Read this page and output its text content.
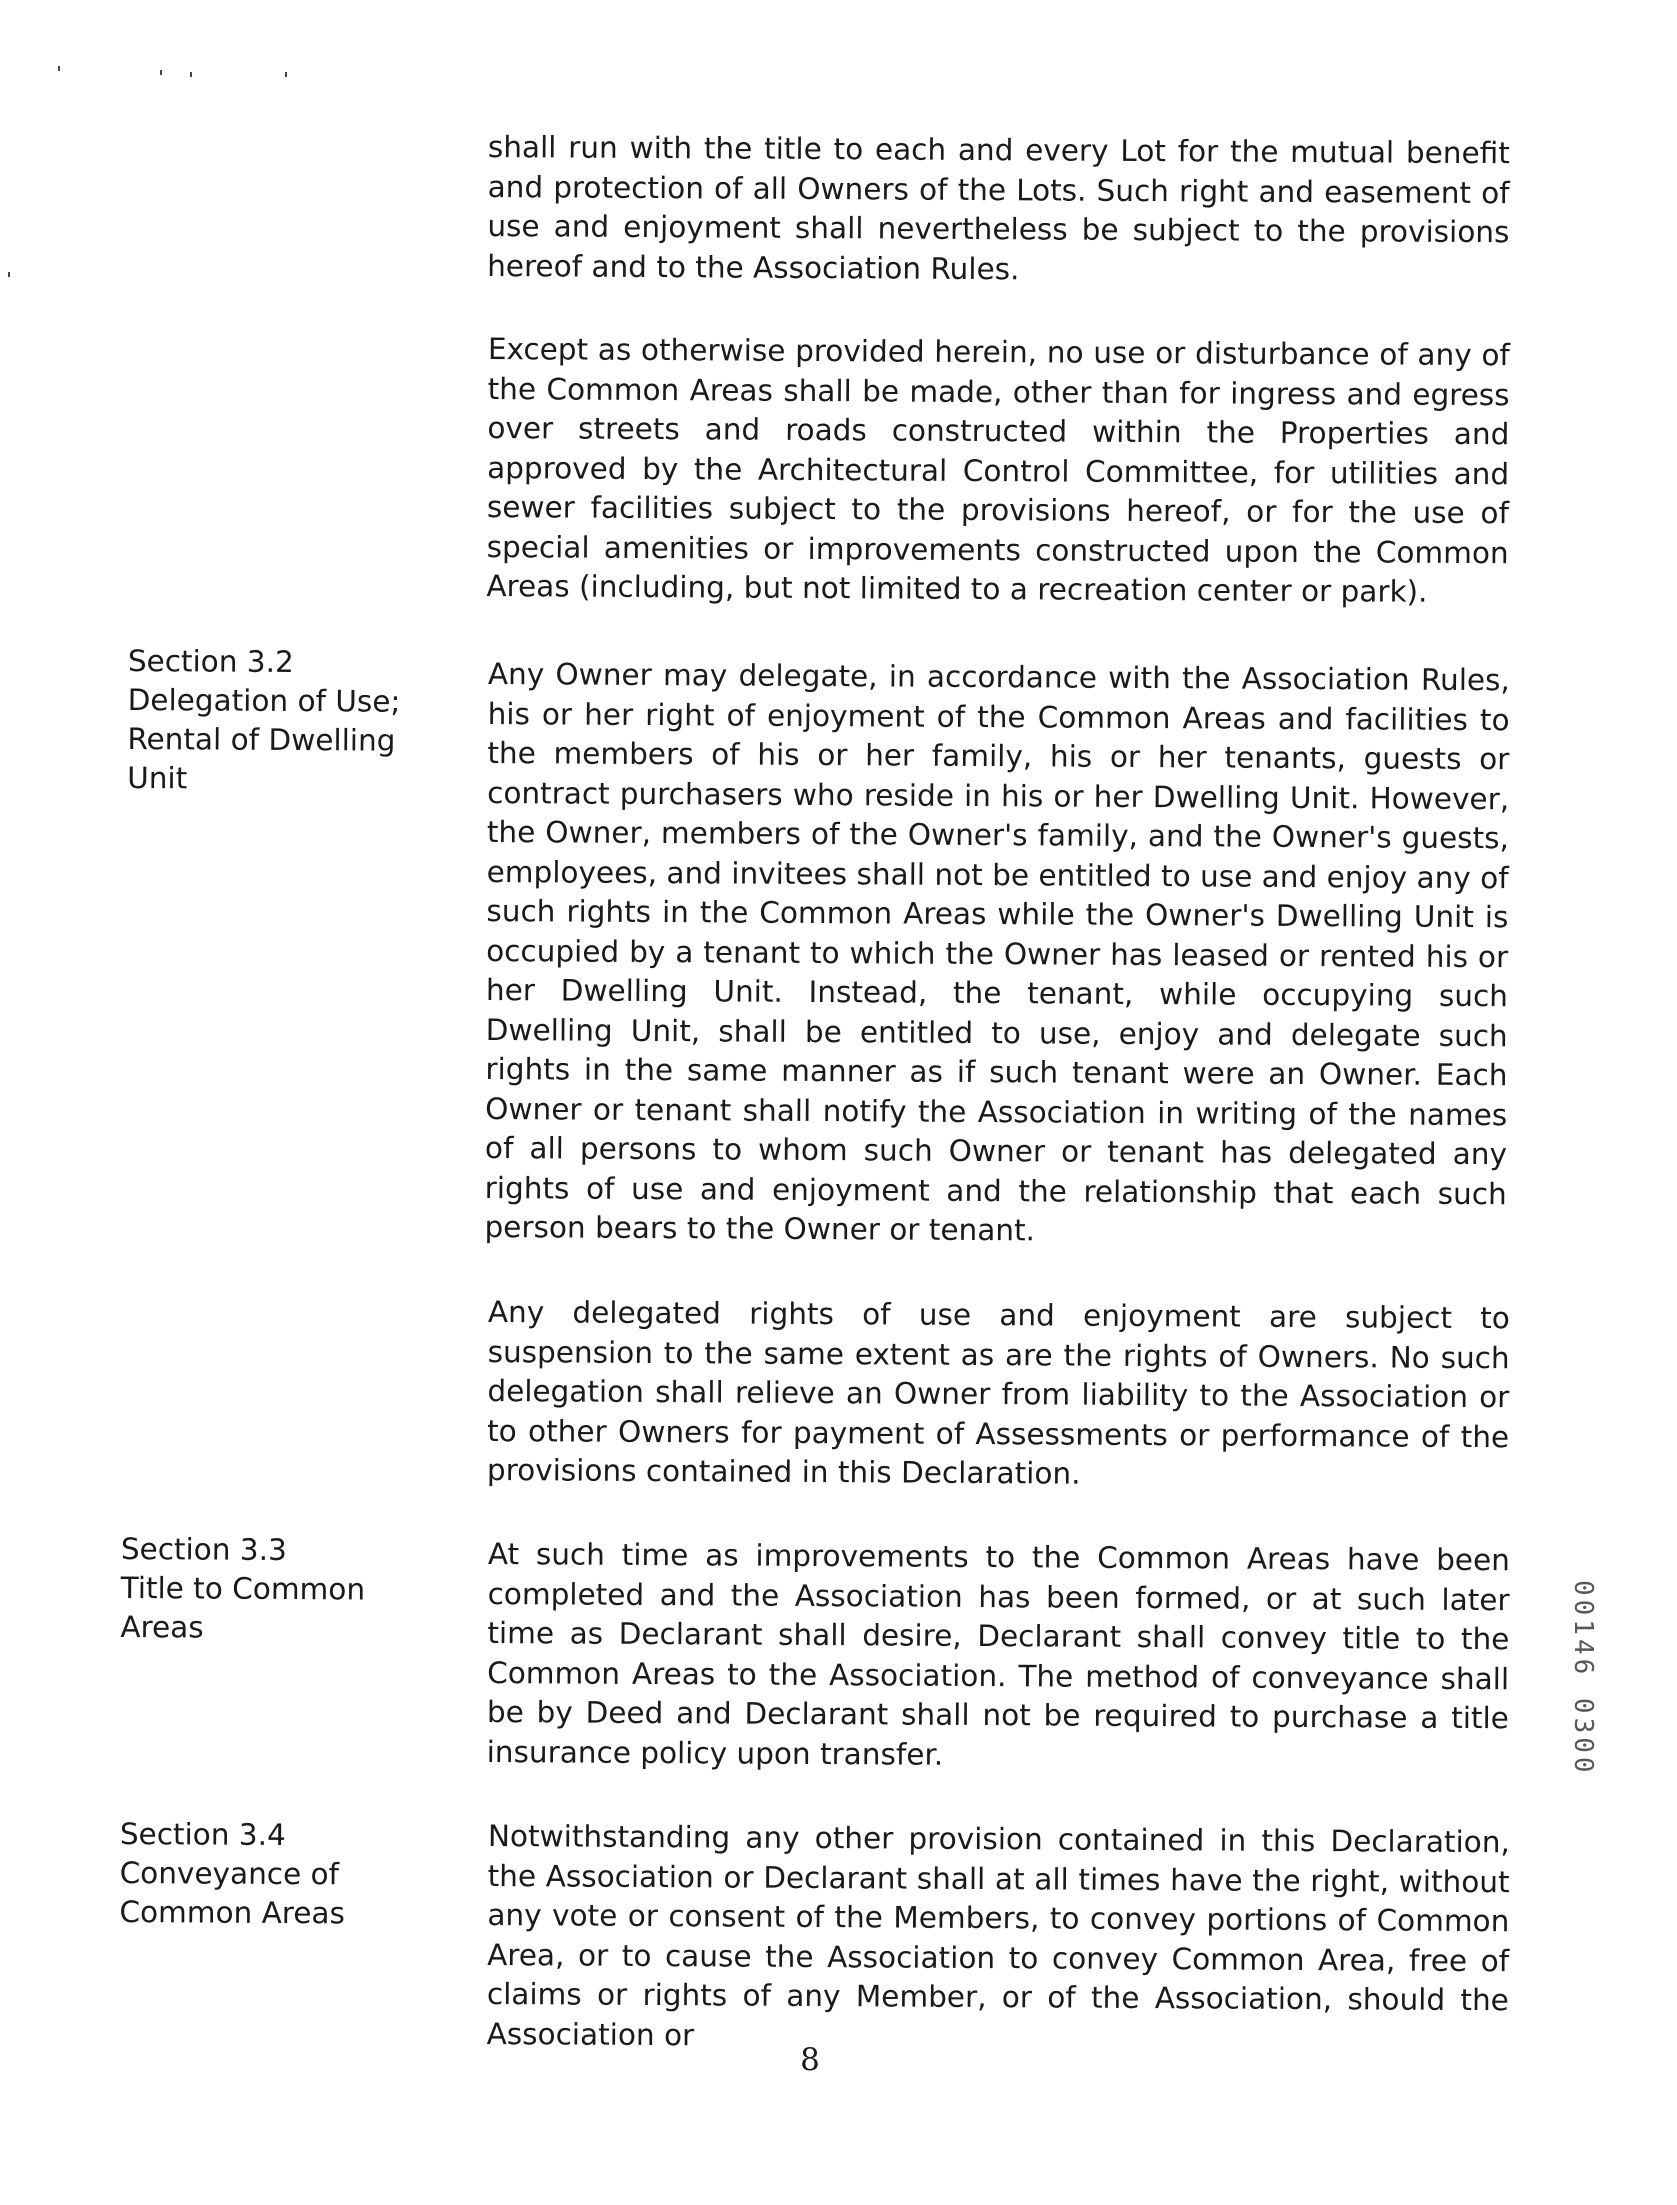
shall run with the title to each and every Lot for the mutual benefit and protection of all Owners of the Lots. Such right and easement of use and enjoyment shall nevertheless be subject to the provisions hereof and to the Association Rules.
Except as otherwise provided herein, no use or disturbance of any of the Common Areas shall be made, other than for ingress and egress over streets and roads constructed within the Properties and approved by the Architectural Control Committee, for utilities and sewer facilities subject to the provisions hereof, or for the use of special amenities or improvements constructed upon the Common Areas (including, but not limited to a recreation center or park).
Any Owner may delegate, in accordance with the Association Rules, his or her right of enjoyment of the Common Areas and facilities to the members of his or her family, his or her tenants, guests or contract purchasers who reside in his or her Dwelling Unit. However, the Owner, members of the Owner's family, and the Owner's guests, employees, and invitees shall not be entitled to use and enjoy any of such rights in the Common Areas while the Owner's Dwelling Unit is occupied by a tenant to which the Owner has leased or rented his or her Dwelling Unit. Instead, the tenant, while occupying such Dwelling Unit, shall be entitled to use, enjoy and delegate such rights in the same manner as if such tenant were an Owner. Each Owner or tenant shall notify the Association in writing of the names of all persons to whom such Owner or tenant has delegated any rights of use and enjoyment and the relationship that each such person bears to the Owner or tenant.
Any delegated rights of use and enjoyment are subject to suspension to the same extent as are the rights of Owners. No such delegation shall relieve an Owner from liability to the Association or to other Owners for payment of Assessments or performance of the provisions contained in this Declaration.
At such time as improvements to the Common Areas have been completed and the Association has been formed, or at such later time as Declarant shall desire, Declarant shall convey title to the Common Areas to the Association. The method of conveyance shall be by Deed and Declarant shall not be required to purchase a title insurance policy upon transfer.
Notwithstanding any other provision contained in this Declaration, the Association or Declarant shall at all times have the right, without any vote or consent of the Members, to convey portions of Common Area, or to cause the Association to convey Common Area, free of claims or rights of any Member, or of the Association, should the Association or
Section 3.2
Delegation of Use;
Rental of Dwelling
Unit
Section 3.3
Title to Common
Areas
Section 3.4
Conveyance of
Common Areas
00146 0300
8
